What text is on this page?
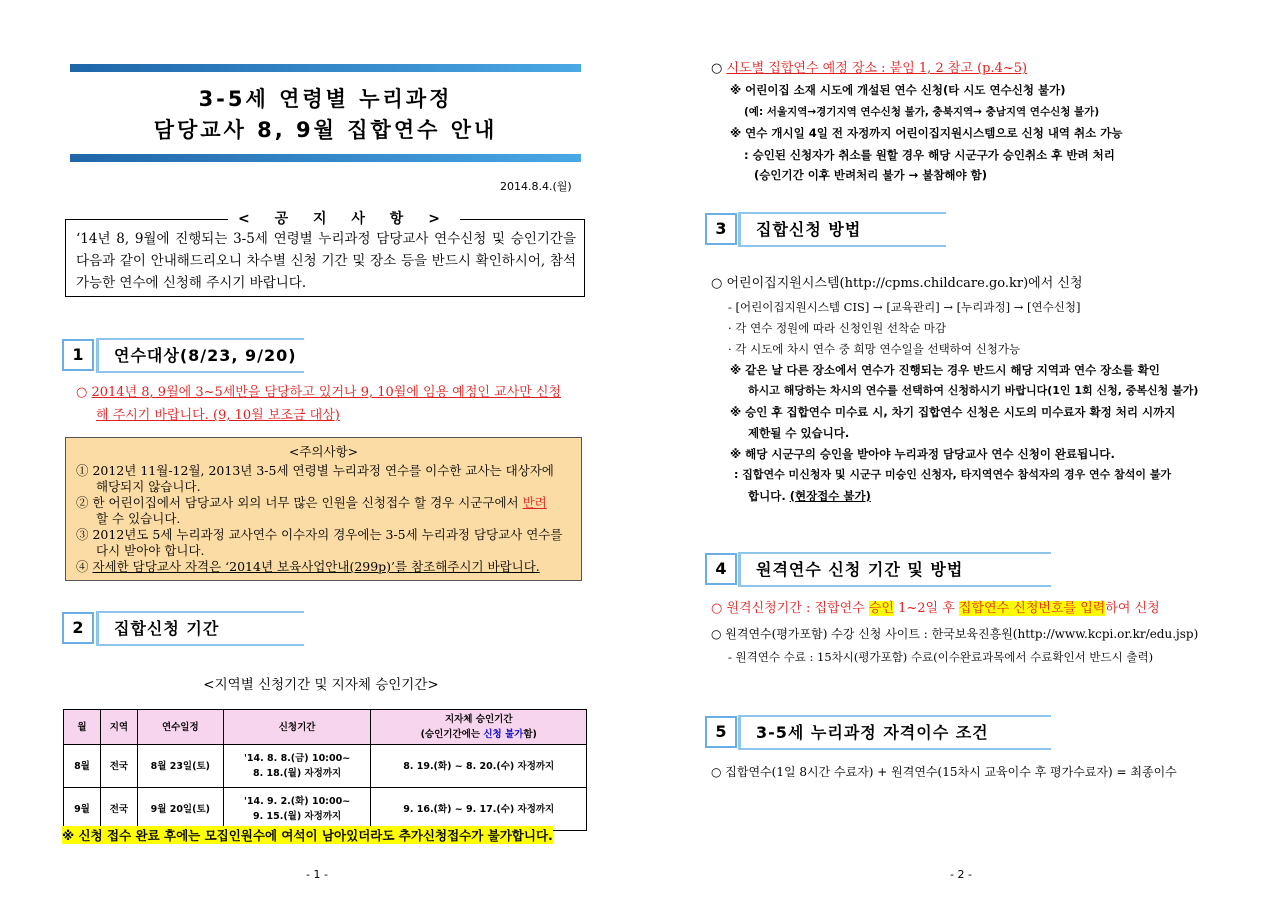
3-5세 연령별 누리과정
담당교사 8, 9월 집합연수 안내
2014.8.4.(월)
< 공 지 사 항 >
‘14년 8, 9월에 진행되는 3-5세 연령별 누리과정 담당교사 연수신청 및 승인기간을 다음과 같이 안내해드리오니 차수별 신청 기간 및 장소 등을 반드시 확인하시어, 참석 가능한 연수에 신청해 주시기 바랍니다.
1	연수대상(8/23, 9/20)
○ 2014년 8, 9월에 3~5세반을 담당하고 있거나 9, 10월에 임용 예정인 교사만 신청
해 주시기 바랍니다. (9, 10월 보조금 대상)
<주의사항>
① 2012년 11월-12월, 2013년 3-5세 연령별 누리과정 연수를 이수한 교사는 대상자에
해당되지 않습니다.
② 한 어린이집에서 담당교사 외의 너무 많은 인원을 신청접수 할 경우 시군구에서 반려
할 수 있습니다.
③ 2012년도 5세 누리과정 교사연수 이수자의 경우에는 3-5세 누리과정 담당교사 연수를
다시 받아야 합니다.
④ 자세한 담당교사 자격은 ‘2014년 보육사업안내(299p)’를 참조해주시기 바랍니다.
2	집합신청 기간
<지역별 신청기간 및 지자체 승인기간>
월	지역	연수일정	신청기간	지자체 승인기간
(승인기간에는 신청 불가함)

8월	전국	8월 23일(토)	'14. 8. 8.(금) 10:00~
8. 18.(월) 자정까지	8. 19.(화) ~ 8. 20.(수) 자정까지
9월	전국	9월 20일(토)	'14. 9. 2.(화) 10:00~
9. 15.(월) 자정까지	9. 16.(화) ~ 9. 17.(수) 자정까지
※ 신청 접수 완료 후에는 모집인원수에 여석이 남아있더라도 추가신청접수가 불가합니다.
- 1 -
○ 시도별 집합연수 예정 장소 : 붙임 1, 2 참고 (p.4~5)
※ 어린이집 소재 시도에 개설된 연수 신청(타 시도 연수신청 불가)
(예: 서울지역→경기지역 연수신청 불가, 충북지역→ 충남지역 연수신청 불가)
※ 연수 개시일 4일 전 자정까지 어린이집지원시스템으로 신청 내역 취소 가능
: 승인된 신청자가 취소를 원할 경우 해당 시군구가 승인취소 후 반려 처리
(승인기간 이후 반려처리 불가 → 불참해야 함)
3	집합신청 방법
○ 어린이집지원시스템(http://cpms.childcare.go.kr)에서 신청
- [어린이집지원시스템 CIS] → [교육관리] → [누리과정] → [연수신청]
· 각 연수 정원에 따라 신청인원 선착순 마감
· 각 시도에 차시 연수 중 희망 연수일을 선택하여 신청가능
※ 같은 날 다른 장소에서 연수가 진행되는 경우 반드시 해당 지역과 연수 장소를 확인
하시고 해당하는 차시의 연수를 선택하여 신청하시기 바랍니다(1인 1회 신청, 중복신청 불가)
※ 승인 후 집합연수 미수료 시, 차기 집합연수 신청은 시도의 미수료자 확정 처리 시까지
제한될 수 있습니다.
※ 해당 시군구의 승인을 받아야 누리과정 담당교사 연수 신청이 완료됩니다.
: 집합연수 미신청자 및 시군구 미승인 신청자, 타지역연수 참석자의 경우 연수 참석이 불가
합니다. (현장접수 불가)
4	원격연수 신청 기간 및 방법
○ 원격신청기간 : 집합연수 승인 1~2일 후 집합연수 신청번호를 입력하여 신청
○ 원격연수(평가포함) 수강 신청 사이트 : 한국보육진흥원(http://www.kcpi.or.kr/edu.jsp)
- 원격연수 수료 : 15차시(평가포함) 수료(이수완료과목에서 수료확인서 반드시 출력)
5	3-5세 누리과정 자격이수 조건
○ 집합연수(1일 8시간 수료자) + 원격연수(15차시 교육이수 후 평가수료자) = 최종이수
- 2 -
